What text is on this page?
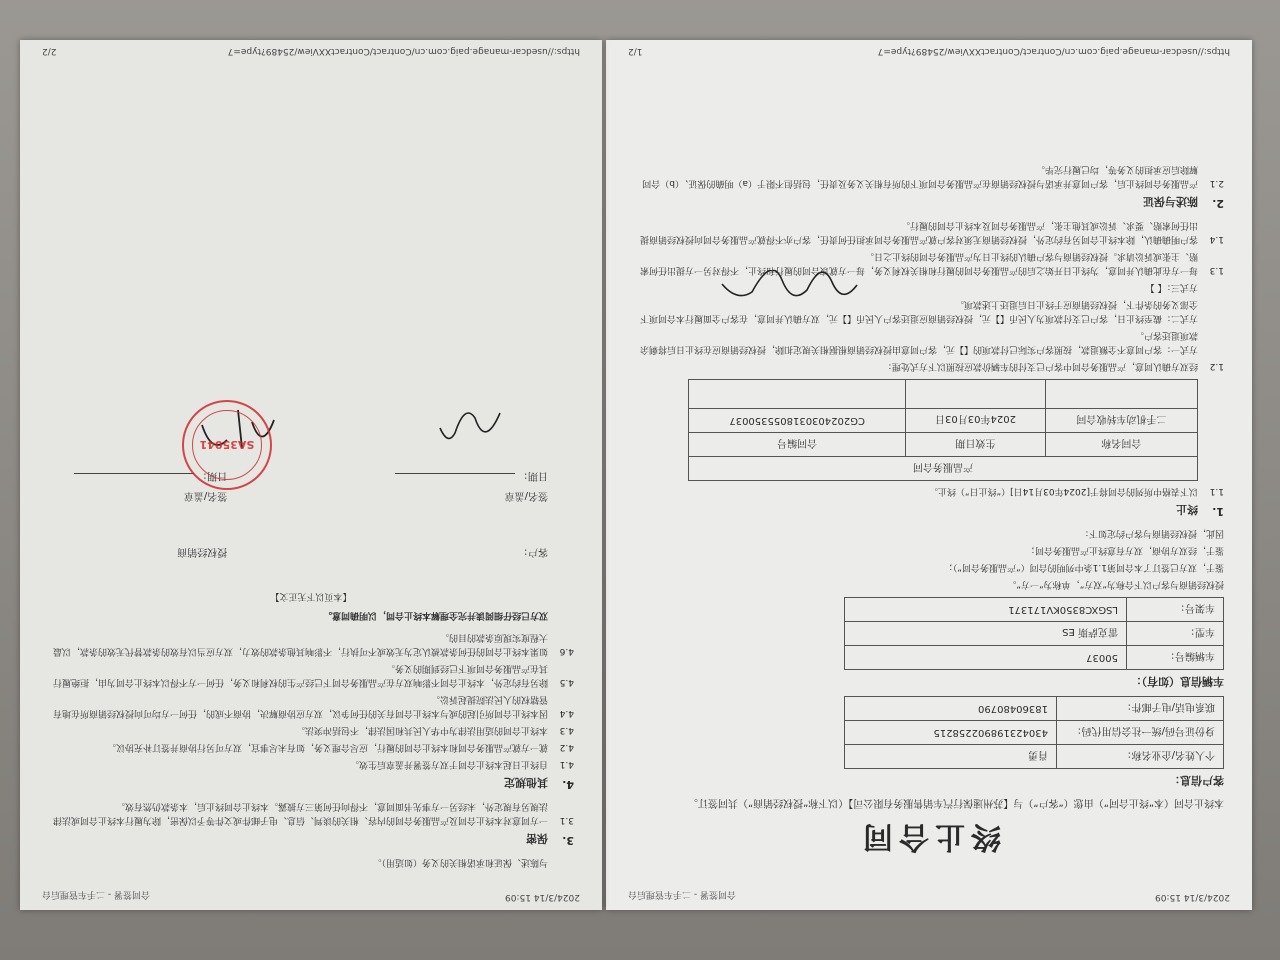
2024/3/14 15:09
合同签署 - 二手车管理后台
终止合同
本终止合同（本“终止合同”）由您（“客户”）与【苏州速保行汽车销售服务有限公司】（以下称“授权经销商”）共同签订。
客户信息：
个人姓名/企业名称：	肖勇
身份证号码/统一社会信用代码：	430423198902258215
联系电话/电子邮件：	18360480790
车辆信息（如有）：
车辆编号：	50037
车型：	雷克萨斯 ES
车架号：	LSGXC8350KV171371
授权经销商与客户以下合称为“双方”，单称为“一方”。
鉴于，双方已签订了本合同第1.1条中列明的合同（“产品服务合同”）；
鉴于，经双方协商，双方有意终止产品服务合同；
因此，授权经销商与客户约定如下：
1.
终止
1.1
以下表格中所列的合同将于[2024年03月14日]（“终止日”）终止。
产品服务合同		
合同名称	生效日期	合同编号
二手机动车转收合同	2024年03月03日	CG2024030318055350037

1.2
经双方确认同意，产品服务合同中客户已支付的车辆价款应按照以下方式处理：
方式一：客户同意不全额退款，按照客户实际已付款项的【】元，客户同意由授权经销商根据相关规定扣除，授权经销商应在终止日后将剩余款项退还客户。
方式二：截至终止日，客户已支付款项为人民币【】元，授权经销商应退还客户人民币【】元，双方确认并同意，在客户全面履行本合同项下全部义务的条件下，授权经销商应于终止日后退还上述款项。
方式三：【 】
1.3
每一方在此确认并同意，为终止日开始之后的产品服务合同的履行和相关权利义务，每一方就该合同的履行和终止，不得对另一方提出任何索赔、主张或诉讼请求。授权经销商与客户确认的终止日为产品服务合同的终止之日。
1.4
客户明确确认，除本终止合同另有约定外，授权经销商无须对客户就产品服务合同承担任何责任，客户亦不得就产品服务合同向授权经销商提出任何索赔、要求、诉讼或其他主张，产品服务合同及本终止合同的履行。
2.
陈述与保证
2.1
产品服务合同终止后，客户同意并承诺与授权经销商在产品服务合同项下的所有相关义务及责任，包括但不限于（a）明确的保证、（b）合同解除后应承担的义务等，均已履行完毕。
https://usedcar-manage.paig.com.cn/Contract/ContractXXView/25489?type=7
1/2
2024/3/14 15:09
合同签署 - 二手车管理后台
与陈述、保证和承诺相关的义务（如适用）。
3.
保密
3.1
一方同意对本终止合同及产品服务合同的内容、相关的谈判、信息、电子邮件或文件等予以保密，除为履行本终止合同或法律法规另有规定外，未经另一方事先书面同意，不得向任何第三方披露。本终止合同终止后，本条款仍然有效。
4.
其他规定
4.1
自终止日起本终止合同于双方签署并盖章后生效。
4.2
就一方就产品服务合同和本终止合同的履行，应尽合理义务，如有未尽事宜，双方可另行协商并签订补充协议。
4.3
本终止合同的适用法律为中华人民共和国法律，不包括冲突法。
4.4
因本终止合同所引起的或与本终止合同有关的任何争议，双方应协商解决，协商不成的，任何一方均可向授权经销商所在地有管辖权的人民法院提起诉讼。
4.5
除另有约定外，本终止合同不影响双方在产品服务合同下已经产生的权利和义务，任何一方不得以本终止合同为由，拒绝履行其在产品服务合同项下已经到期的义务。
4.6
如果本终止合同的任何条款被认定为无效或不可执行，不影响其他条款的效力，双方应当以有效的条款替代无效的条款，以最大程度实现原条款的目的。
双方已经仔细阅读并完全理解本终止合同，以明确同意。
【本页以下无正文】
客户：
签名/盖章
日期：
授权经销商
签名/盖章
日期：
SA35041
https://usedcar-manage.paig.com.cn/Contract/ContractXXView/25489?type=7
2/2
